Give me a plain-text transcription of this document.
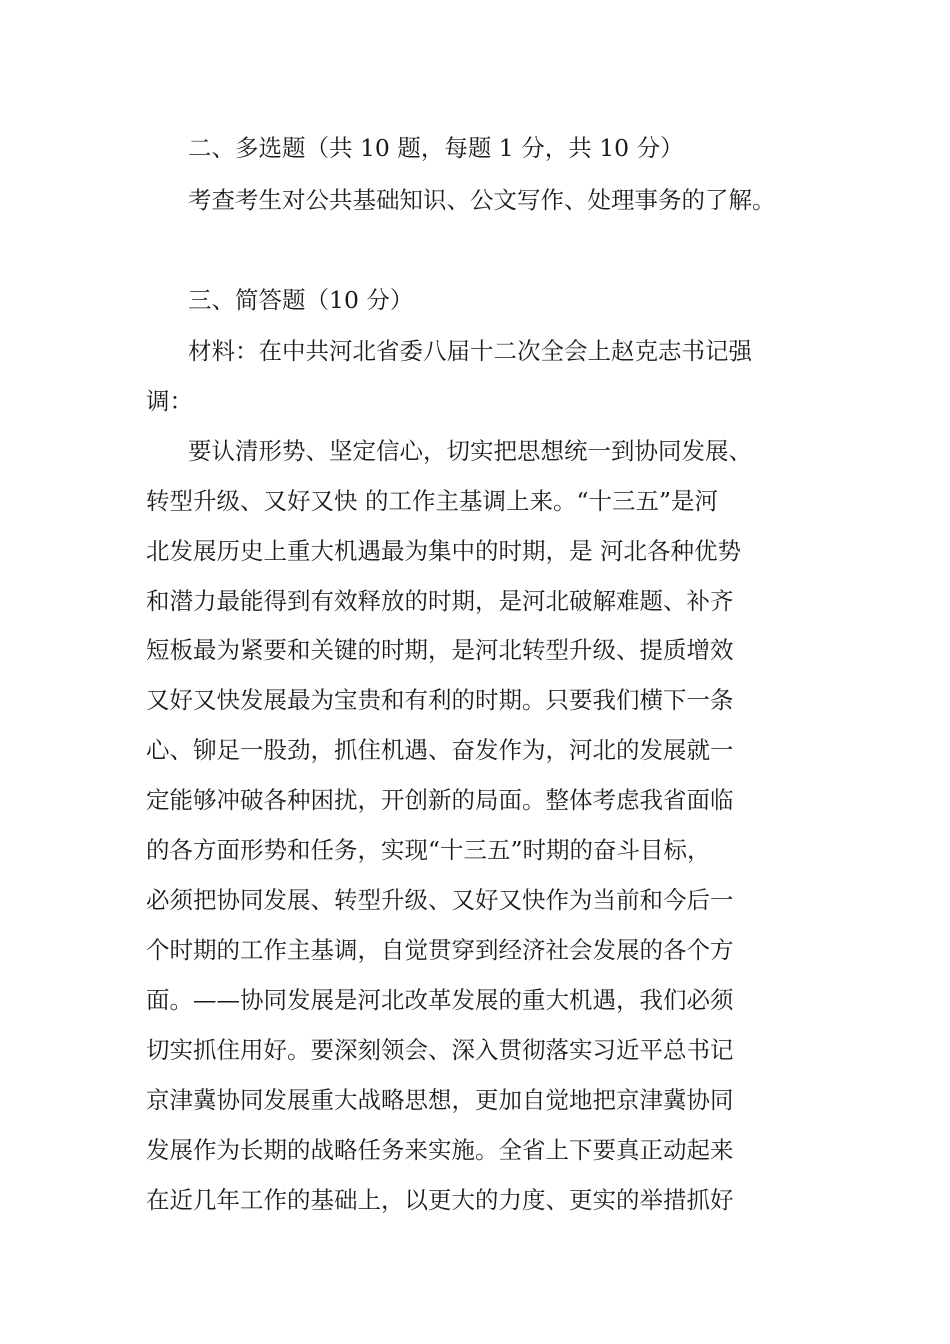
二、多选题（共 10 题，每题 1 分，共 10 分）
考查考生对公共基础知识、公文写作、处理事务的了解。
三、简答题（10 分）
材料：在中共河北省委八届十二次全会上赵克志书记强
调：
要认清形势、坚定信心，切实把思想统一到协同发展、
转型升级、又好又快 的工作主基调上来。“十三五”是河
北发展历史上重大机遇最为集中的时期，是 河北各种优势
和潜力最能得到有效释放的时期，是河北破解难题、补齐
短板最为紧要和关键的时期，是河北转型升级、提质增效
又好又快发展最为宝贵和有利的时期。只要我们横下一条
心、铆足一股劲，抓住机遇、奋发作为，河北的发展就一
定能够冲破各种困扰，开创新的局面。整体考虑我省面临
的各方面形势和任务，实现“十三五”时期的奋斗目标，
必须把协同发展、转型升级、又好又快作为当前和今后一
个时期的工作主基调，自觉贯穿到经济社会发展的各个方
面。——协同发展是河北改革发展的重大机遇，我们必须
切实抓住用好。要深刻领会、深入贯彻落实习近平总书记
京津冀协同发展重大战略思想，更加自觉地把京津冀协同
发展作为长期的战略任务来实施。全省上下要真正动起来
在近几年工作的基础上，以更大的力度、更实的举措抓好
